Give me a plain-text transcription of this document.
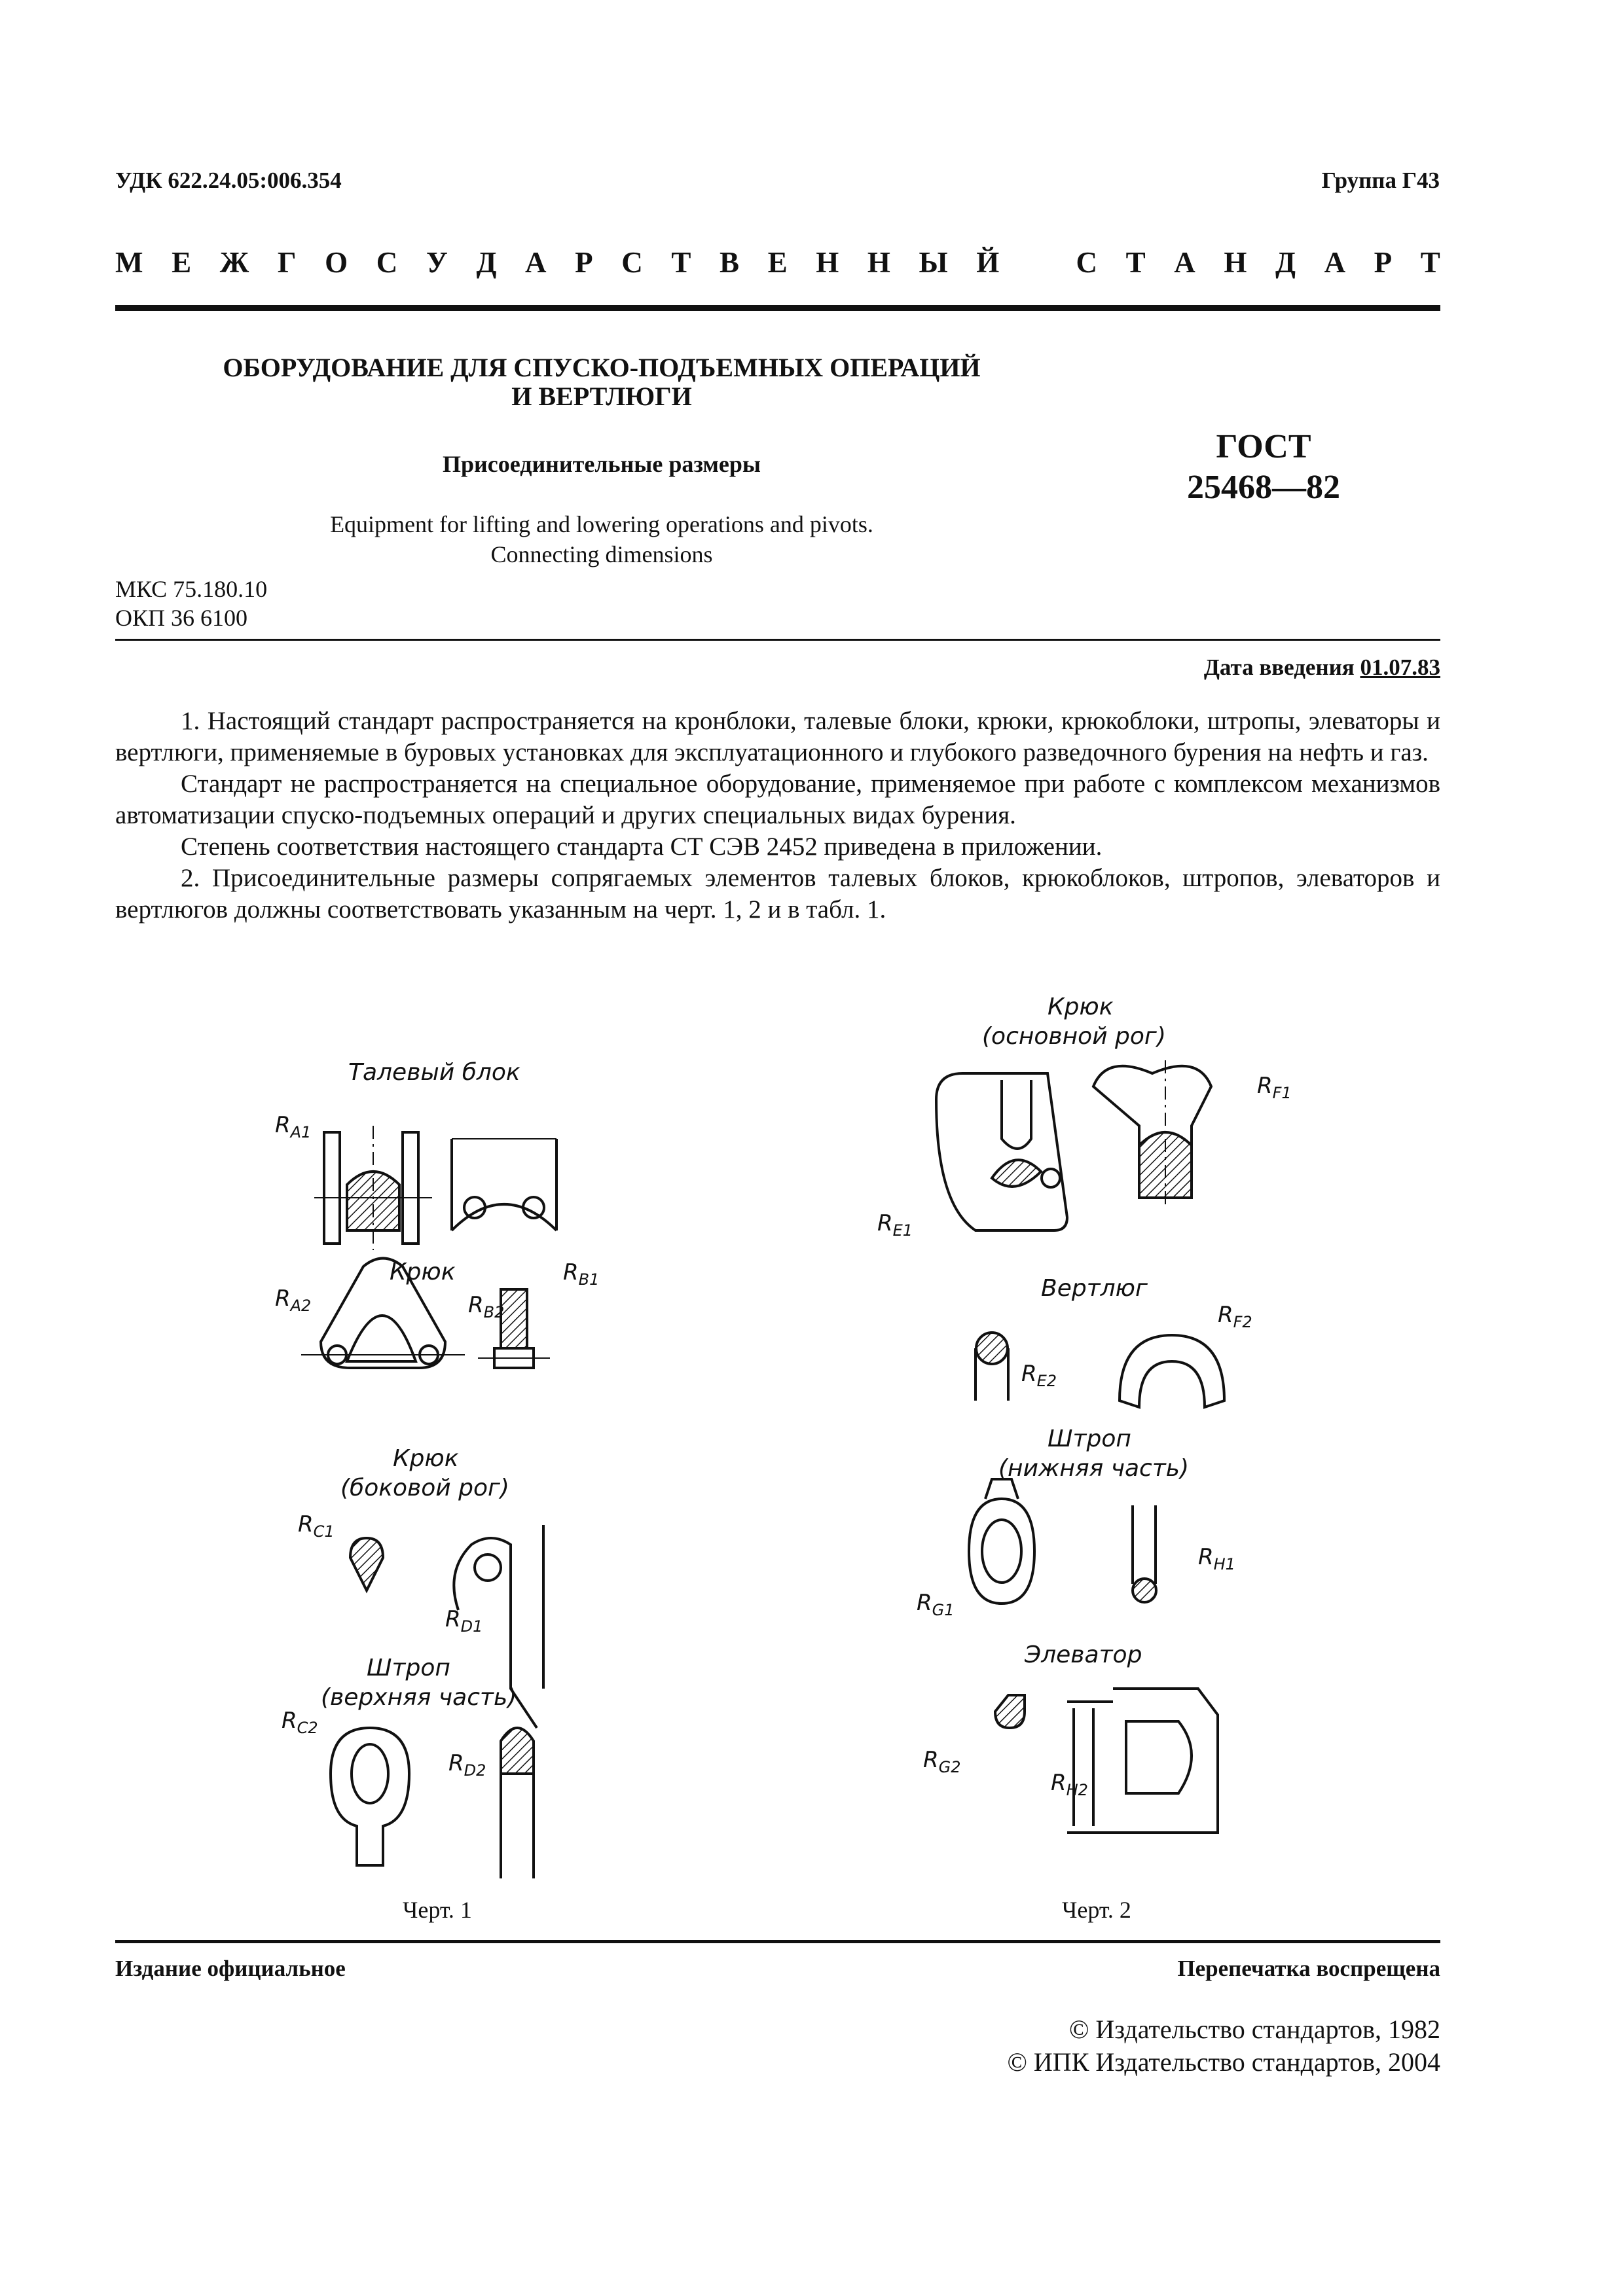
УДК 622.24.05:006.354	Группа Г43
М Е Ж Г О С У Д А Р С Т В Е Н Н Ы Й	С Т А Н Д А Р Т
ОБОРУДОВАНИЕ ДЛЯ СПУСКО-ПОДЪЕМНЫХ ОПЕРАЦИЙ
И ВЕРТЛЮГИ
Присоединительные размеры	ГОСТ
25468—82
Equipment for lifting and lowering operations and pivots.
Connecting dimensions
МКС 75.180.10
ОКП 36 6100
Дата введения 01.07.83

1. Настоящий стандарт распространяется на кронблоки, талевые блоки, крюки, крюкоблоки, штропы, элеваторы и вертлюги, применяемые в буровых установках для эксплуатационного и глубокого разведочного бурения на нефть и газ.

Стандарт не распространяется на специальное оборудование, применяемое при работе с комплексом механизмов автоматизации спуско-подъемных операций и других специальных видах бурения.

Степень соответствия настоящего стандарта СТ СЭВ 2452 приведена в приложении.

2. Присоединительные размеры сопрягаемых элементов талевых блоков, крюкоблоков, штропов, элеваторов и вертлюгов должны соответствовать указанным на черт. 1, 2 и в табл. 1.

Талевый блок
Крюк
Крюк
(боковой рог)
Штроп
(верхняя часть)
$R_{A1}$
$R_{B1}$
$R_{A2}$	$R_{B2}$
$R_{C1}$
$R_{D1}$
$R_{C2}$
$R_{D2}$
Черт. 1
Крюк
(основной рог)
Вертлюг
Штроп
(нижняя часть)
Элеватор
$R_{E1}$
$R_{F1}$
$R_{E2}$
$R_{F2}$
$R_{G1}$
$R_{H1}$
$R_{G2}$
$R_{H2}$
Черт. 2
Издание официальное	Перепечатка воспрещена
© Издательство стандартов, 1982
© ИПК Издательство стандартов, 2004
